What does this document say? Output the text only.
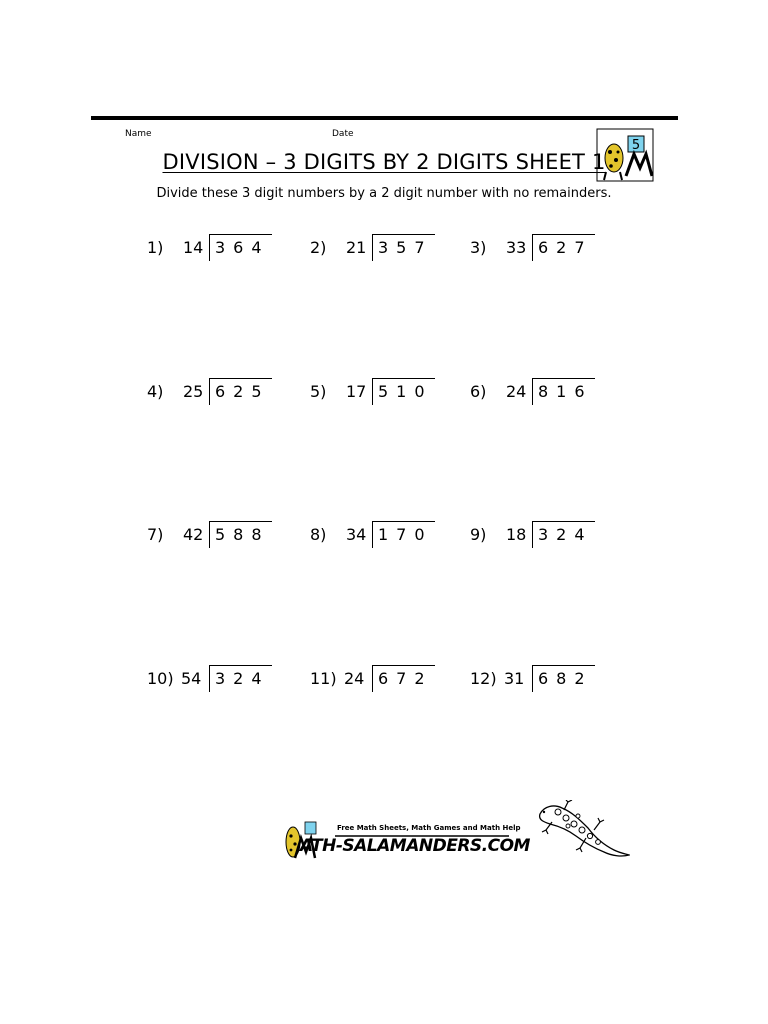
Name	Date
5
DIVISION – 3 DIGITS BY 2 DIGITS SHEET 1
Divide these 3 digit numbers by a 2 digit number with no remainders.
1) 14 364	2) 21 357 3) 33 627
4) 25 625	5) 17 510 6) 24 816
7) 42 588	8) 34 170 9) 18 324
10) 54 324	11) 24 672 12) 31 682
Free Math Sheets, Math Games and Math Help
ATH-SALAMANDERS.COM
